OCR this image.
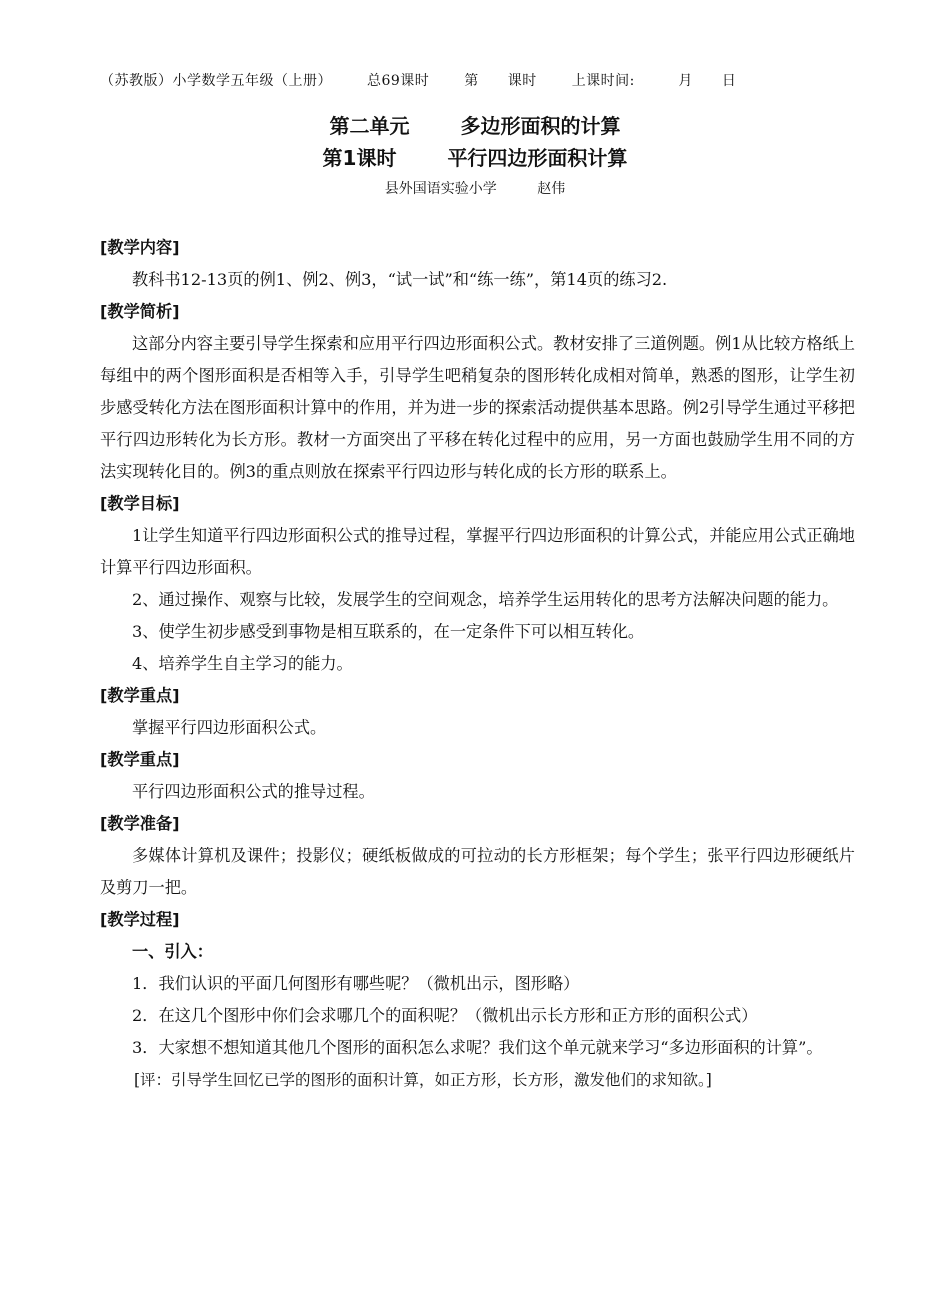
（苏教版）小学数学五年级（上册） 总69课时 第　　课时 上课时间:　　　月　　日
第二单元	多边形面积的计算
第1课时	平行四边形面积计算
县外国语实验小学	赵伟

[教学内容]

教科书12-13页的例1、例2、例3，“试一试”和“练一练”，第14页的练习2.

[教学简析]

这部分内容主要引导学生探索和应用平行四边形面积公式。教材安排了三道例题。例1从比较方格纸上每组中的两个图形面积是否相等入手，引导学生吧稍复杂的图形转化成相对简单，熟悉的图形，让学生初步感受转化方法在图形面积计算中的作用，并为进一步的探索活动提供基本思路。例2引导学生通过平移把平行四边形转化为长方形。教材一方面突出了平移在转化过程中的应用，另一方面也鼓励学生用不同的方法实现转化目的。例3的重点则放在探索平行四边形与转化成的长方形的联系上。

[教学目标]

1让学生知道平行四边形面积公式的推导过程，掌握平行四边形面积的计算公式，并能应用公式正确地计算平行四边形面积。

2、通过操作、观察与比较，发展学生的空间观念，培养学生运用转化的思考方法解决问题的能力。

3、使学生初步感受到事物是相互联系的，在一定条件下可以相互转化。

4、培养学生自主学习的能力。

[教学重点]

掌握平行四边形面积公式。

[教学重点]

平行四边形面积公式的推导过程。

[教学准备]

多媒体计算机及课件；投影仪；硬纸板做成的可拉动的长方形框架；每个学生；张平行四边形硬纸片及剪刀一把。

[教学过程]

一、引入：

1．我们认识的平面几何图形有哪些呢？（微机出示，图形略）

2．在这几个图形中你们会求哪几个的面积呢？（微机出示长方形和正方形的面积公式）

3．大家想不想知道其他几个图形的面积怎么求呢？我们这个单元就来学习“多边形面积的计算”。

[评：引导学生回忆已学的图形的面积计算，如正方形，长方形，激发他们的求知欲。]
